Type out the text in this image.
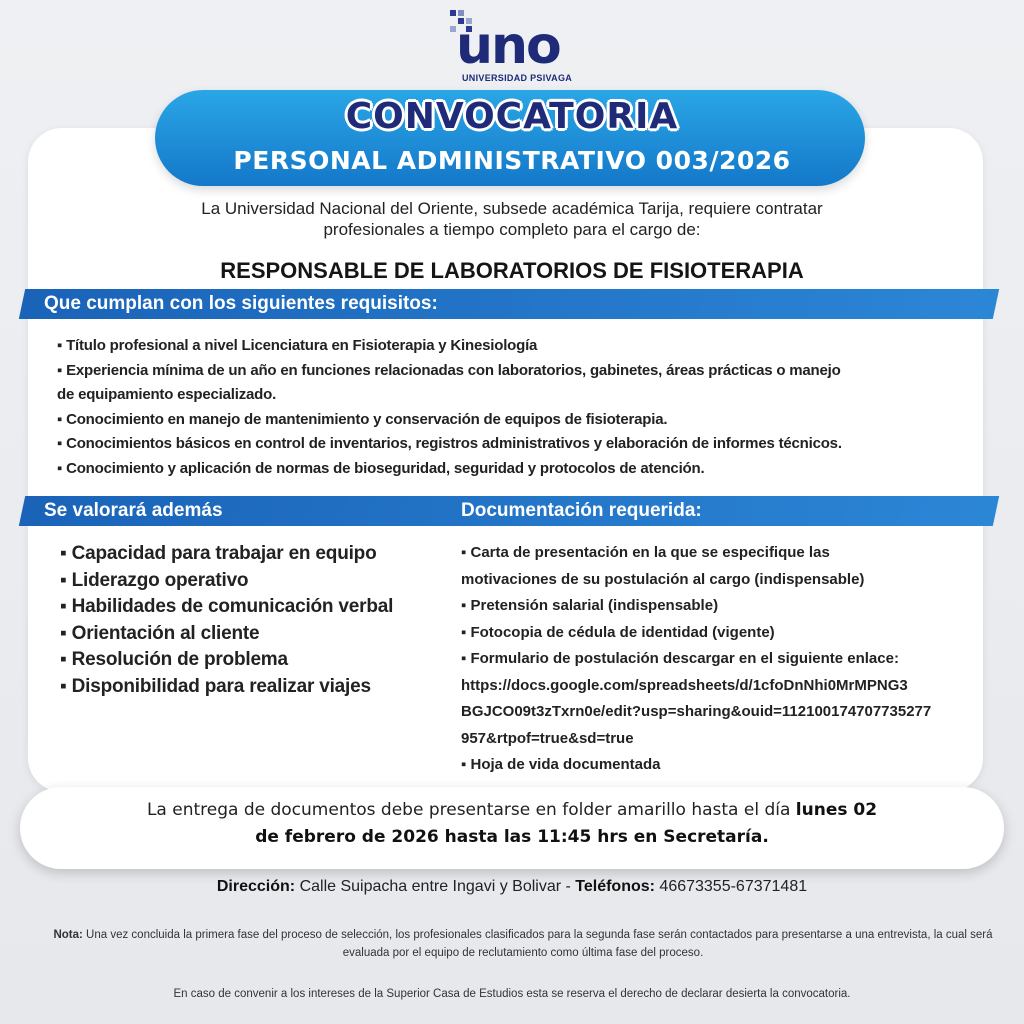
uno
UNIVERSIDAD PSIVAGA
CONVOCATORIA
PERSONAL ADMINISTRATIVO 003/2026
La Universidad Nacional del Oriente, subsede académica Tarija, requiere contratar
profesionales a tiempo completo para el cargo de:
RESPONSABLE DE LABORATORIOS DE FISIOTERAPIA
Que cumplan con los siguientes requisitos:
▪ Título profesional a nivel Licenciatura en Fisioterapia y Kinesiología
▪ Experiencia mínima de un año en funciones relacionadas con laboratorios, gabinetes, áreas prácticas o manejo
de equipamiento especializado.
▪ Conocimiento en manejo de mantenimiento y conservación de equipos de fisioterapia.
▪ Conocimientos básicos en control de inventarios, registros administrativos y elaboración de informes técnicos.
▪ Conocimiento y aplicación de normas de bioseguridad, seguridad y protocolos de atención.
Se valorará además	Documentación requerida:
▪ Capacidad para trabajar en equipo
▪ Liderazgo operativo
▪ Habilidades de comunicación verbal
▪ Orientación al cliente
▪ Resolución de problema
▪ Disponibilidad para realizar viajes
▪ Carta de presentación en la que se especifique las
motivaciones de su postulación al cargo (indispensable)
▪ Pretensión salarial (indispensable)
▪ Fotocopia de cédula de identidad (vigente)
▪ Formulario de postulación descargar en el siguiente enlace:
https://docs.google.com/spreadsheets/d/1cfoDnNhi0MrMPNG3
BGJCO09t3zTxrn0e/edit?usp=sharing&ouid=112100174707735277
957&rtpof=true&sd=true
▪ Hoja de vida documentada
La entrega de documentos debe presentarse en folder amarillo hasta el día lunes 02
de febrero de 2026 hasta las 11:45 hrs en Secretaría.
Dirección: Calle Suipacha entre Ingavi y Bolivar - Teléfonos: 46673355-67371481
Nota: Una vez concluida la primera fase del proceso de selección, los profesionales clasificados para la segunda fase serán contactados para presentarse a una entrevista, la cual será evaluada por el equipo de reclutamiento como última fase del proceso.
En caso de convenir a los intereses de la Superior Casa de Estudios esta se reserva el derecho de declarar desierta la convocatoria.
